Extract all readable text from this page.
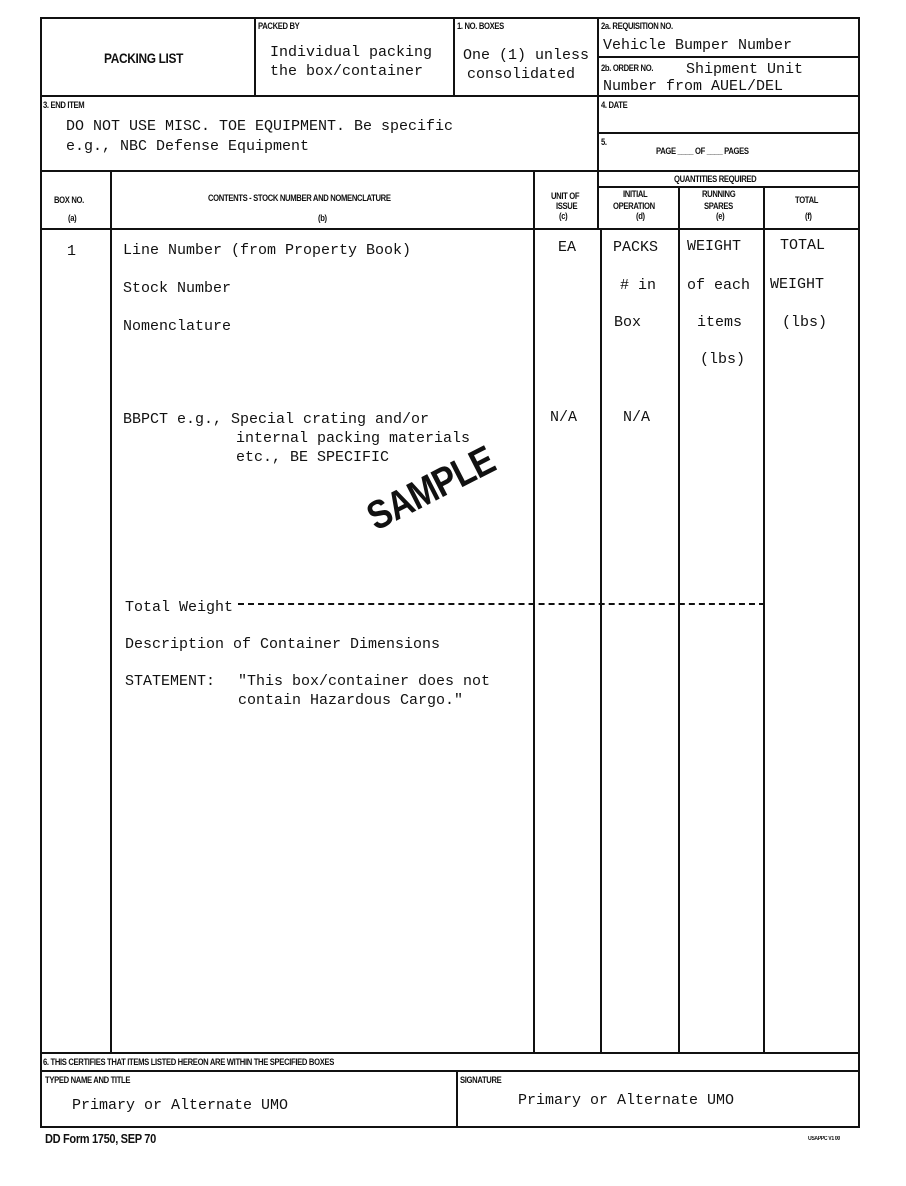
PACKING LIST
PACKED BY
Individual packing
the box/container
1. NO. BOXES
One (1) unless
consolidated
2a. REQUISITION NO.
Vehicle Bumper Number
2b. ORDER NO. Shipment Unit
Number from AUEL/DEL
3. END ITEM
DO NOT USE MISC. TOE EQUIPMENT. Be specific
e.g., NBC Defense Equipment
4. DATE
5.
PAGE ____ OF ____ PAGES
QUANTITIES REQUIRED
BOX NO.
(a)
CONTENTS - STOCK NUMBER AND NOMENCLATURE
(b)
UNIT OF
ISSUE
(c)
INITIAL
OPERATION
(d)
RUNNING
SPARES
(e)
TOTAL
(f)
1	Line Number (from Property Book)
Stock Number
Nomenclature
BBPCT e.g., Special crating and/or
internal packing materials
etc., BE SPECIFIC
EA
N/A
PACKS
# in
Box
N/A
WEIGHT
of each
items
(lbs)
TOTAL
WEIGHT
(lbs)
SAMPLE
Total Weight
Description of Container Dimensions
STATEMENT: "This box/container does not
contain Hazardous Cargo."
6. THIS CERTIFIES THAT ITEMS LISTED HEREON ARE WITHIN THE SPECIFIED BOXES
TYPED NAME AND TITLE
Primary or Alternate UMO
SIGNATURE
Primary or Alternate UMO
DD Form 1750, SEP 70	USAPPC V1 00
